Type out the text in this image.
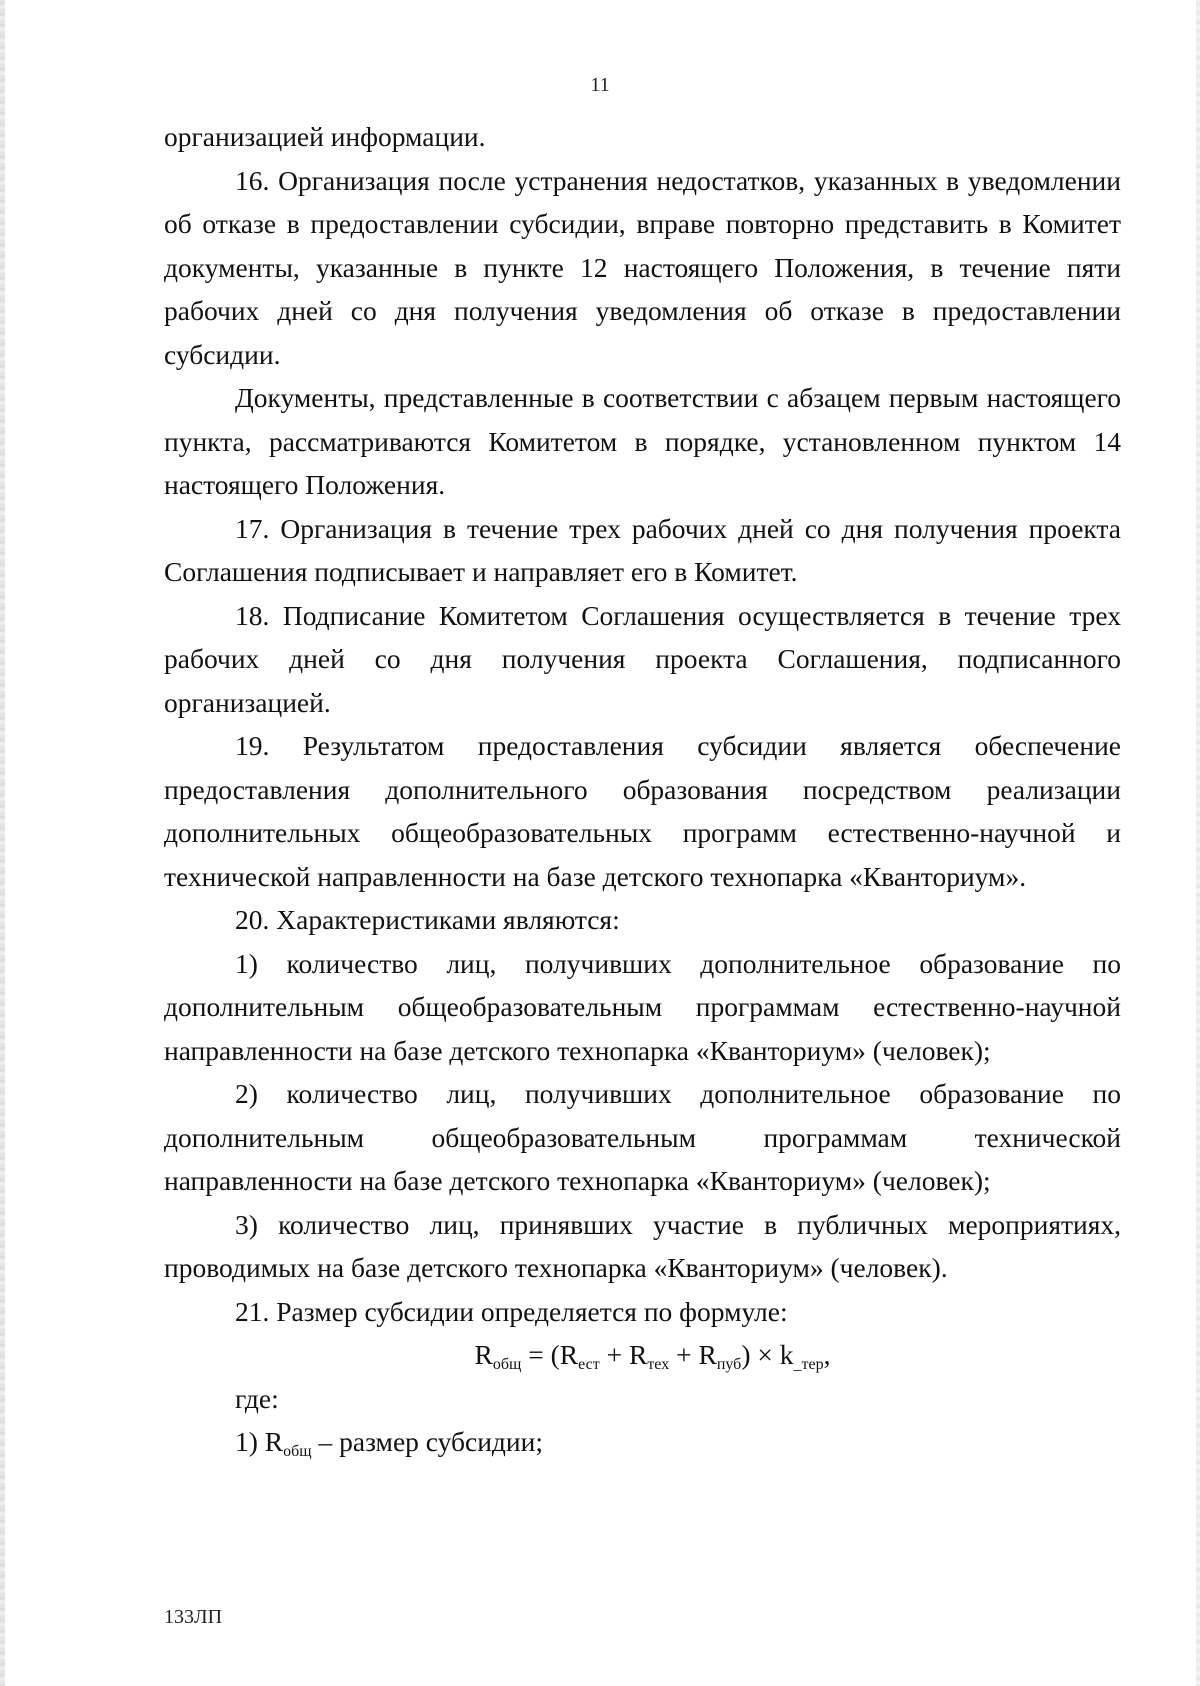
11

организацией информации.

16. Организация после устранения недостатков, указанных в уведомлении об отказе в предоставлении субсидии, вправе повторно представить в Комитет документы, указанные в пункте 12 настоящего Положения, в течение пяти рабочих дней со дня получения уведомления об отказе в предоставлении субсидии.

Документы, представленные в соответствии с абзацем первым настоящего пункта, рассматриваются Комитетом в порядке, установленном пунктом 14 настоящего Положения.

17. Организация в течение трех рабочих дней со дня получения проекта Соглашения подписывает и направляет его в Комитет.

18. Подписание Комитетом Соглашения осуществляется в течение трех рабочих дней со дня получения проекта Соглашения, подписанного организацией.

19. Результатом предоставления субсидии является обеспечение предоставления дополнительного образования посредством реализации дополнительных общеобразовательных программ естественно-научной и технической направленности на базе детского технопарка «Кванториум».

20. Характеристиками являются:

1) количество лиц, получивших дополнительное образование по дополнительным общеобразовательным программам естественно-научной направленности на базе детского технопарка «Кванториум» (человек);

2) количество лиц, получивших дополнительное образование по дополнительным общеобразовательным программам технической направленности на базе детского технопарка «Кванториум» (человек);

3) количество лиц, принявших участие в публичных мероприятиях, проводимых на базе детского технопарка «Кванториум» (человек).

21. Размер субсидии определяется по формуле:

$R_{общ} = (R_{ест} + R_{тех} + R_{пуб}) \times k_{\_тер}$,

где:

1) $R_{общ}$ – размер субсидии;

133ЛП
